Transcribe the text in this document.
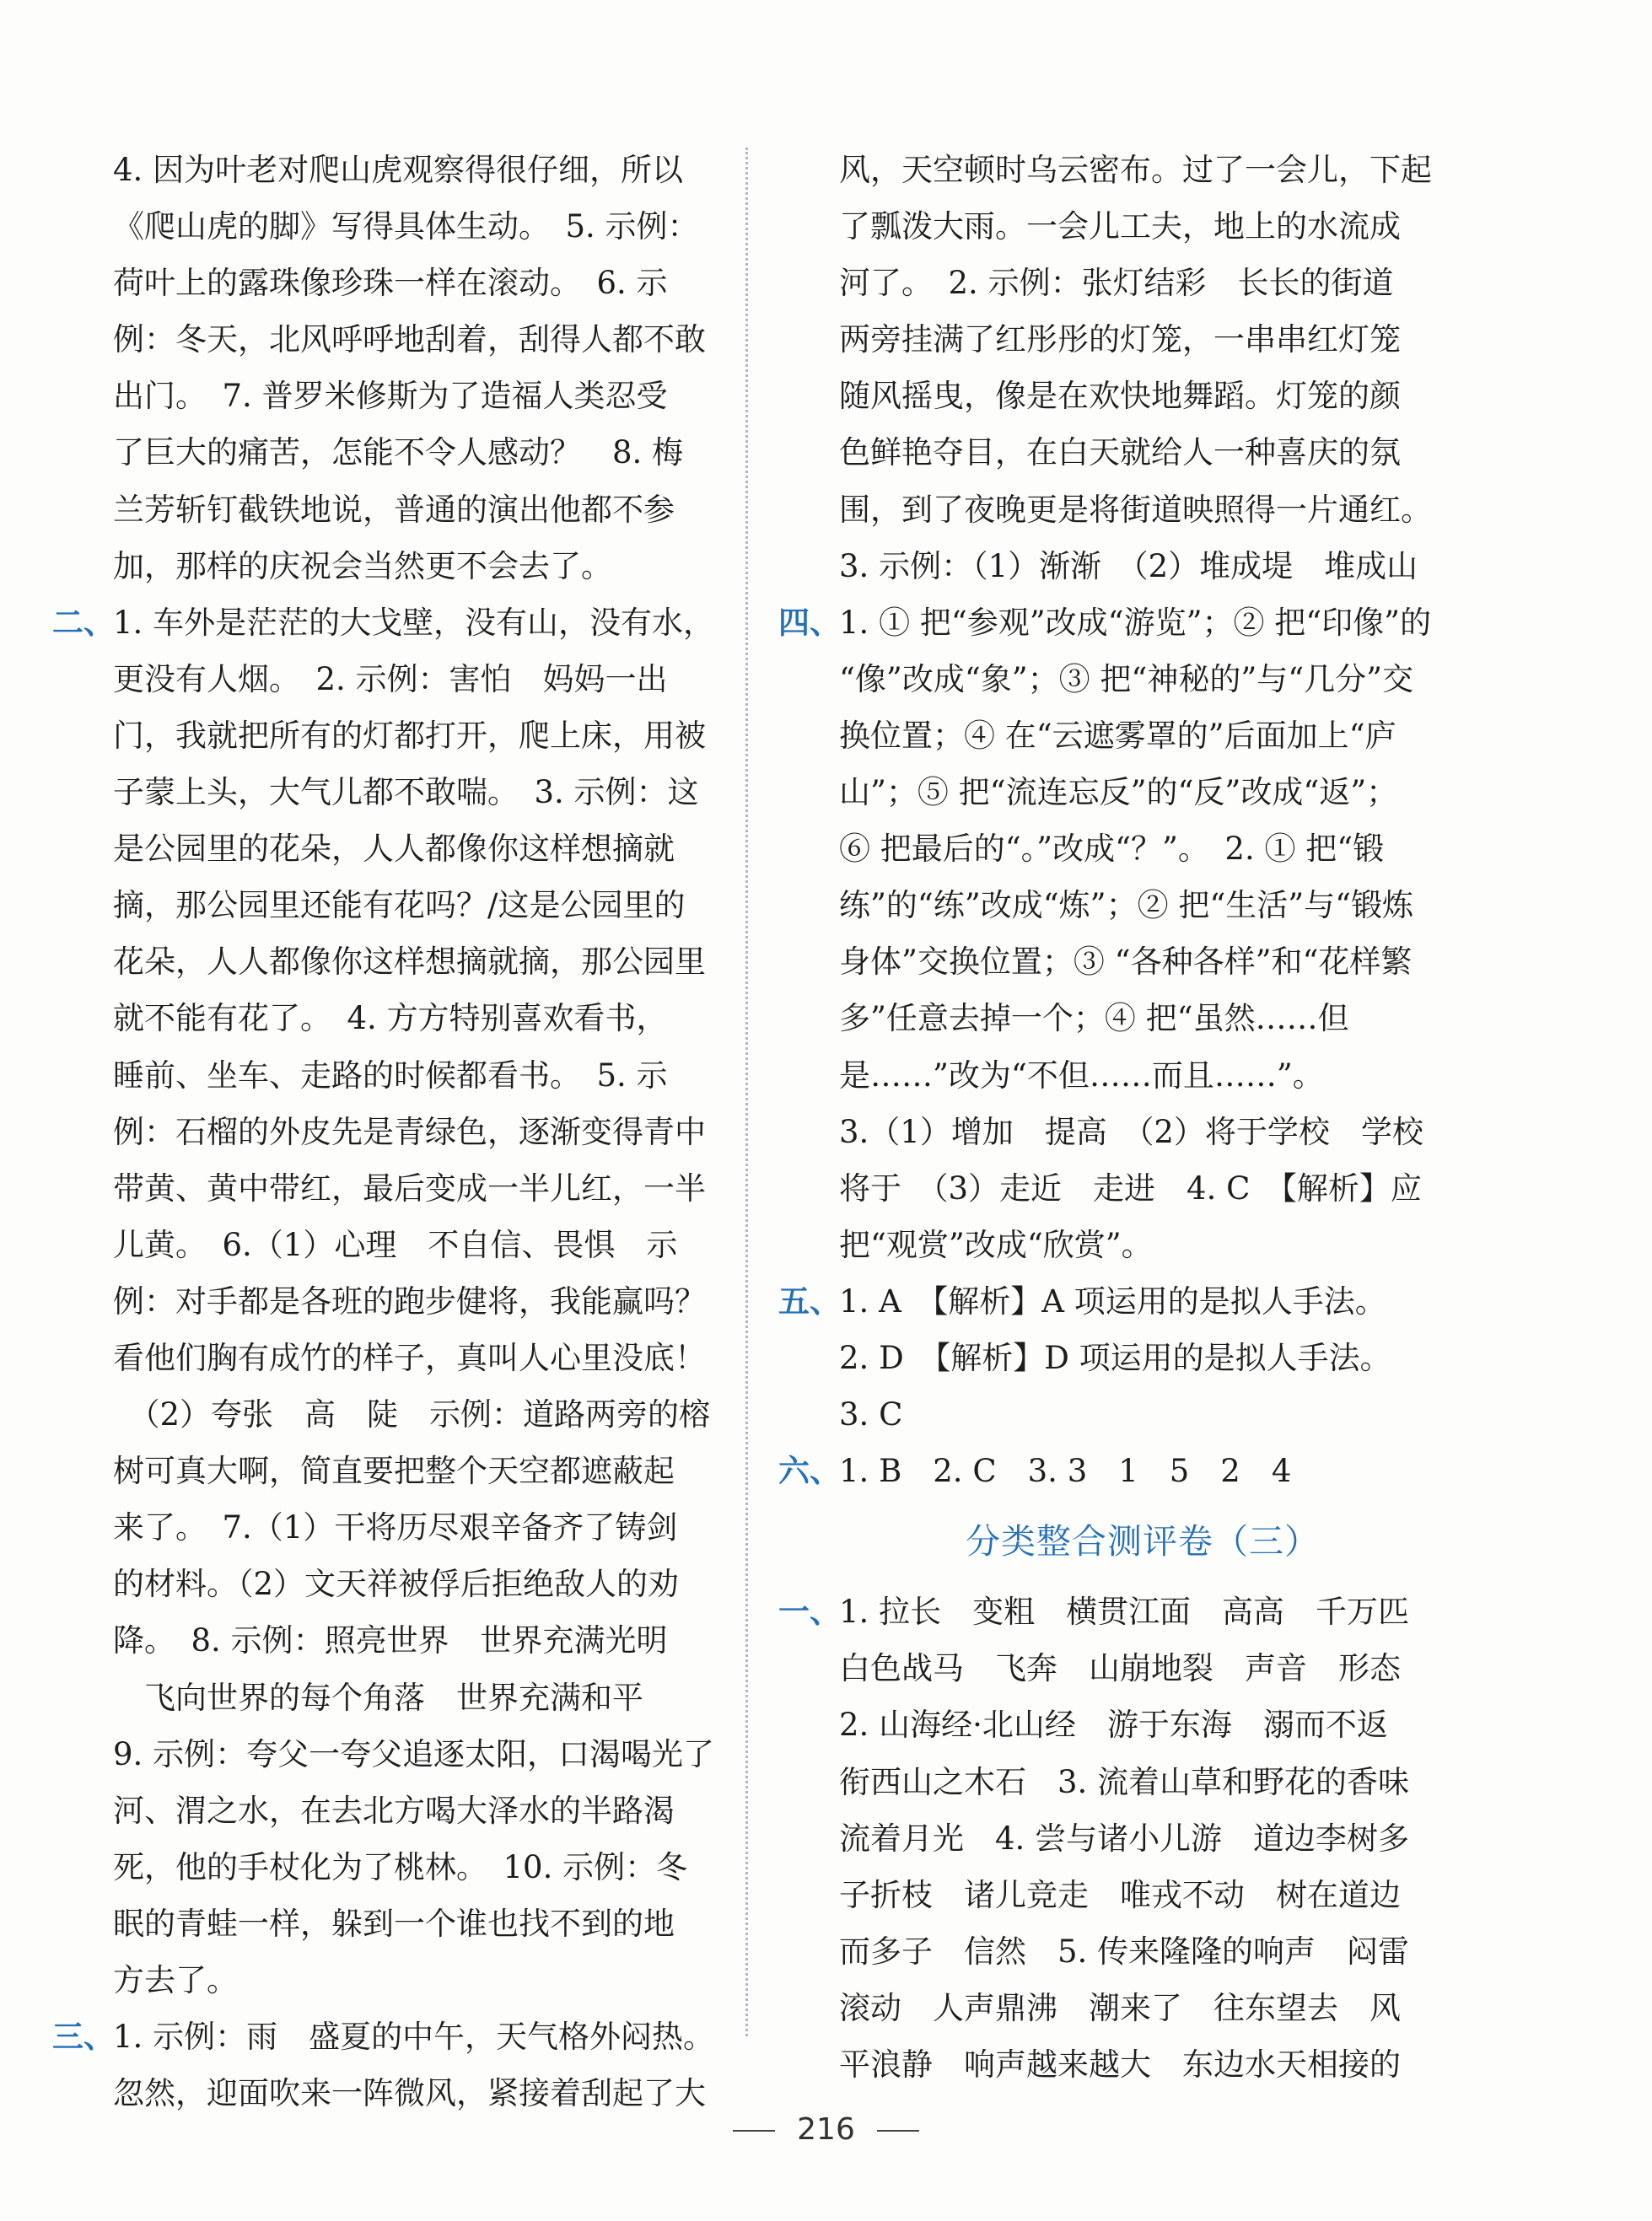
4. 因为叶老对爬山虎观察得很仔细，所以
《爬山虎的脚》写得具体生动。　5. 示例：
荷叶上的露珠像珍珠一样在滚动。　6. 示
例：冬天，北风呼呼地刮着，刮得人都不敢
出门。　7. 普罗米修斯为了造福人类忍受
了巨大的痛苦，怎能不令人感动？　8. 梅
兰芳斩钉截铁地说，普通的演出他都不参
加，那样的庆祝会当然更不会去了。
二、
1. 车外是茫茫的大戈壁，没有山，没有水，
更没有人烟。　2. 示例：害怕　妈妈一出
门，我就把所有的灯都打开，爬上床，用被
子蒙上头，大气儿都不敢喘。　3. 示例：这
是公园里的花朵，人人都像你这样想摘就
摘，那公园里还能有花吗？/这是公园里的
花朵，人人都像你这样想摘就摘，那公园里
就不能有花了。　4. 方方特别喜欢看书，
睡前、坐车、走路的时候都看书。　5. 示
例：石榴的外皮先是青绿色，逐渐变得青中
带黄、黄中带红，最后变成一半儿红，一半
儿黄。　6.（1）心理　不自信、畏惧　示
例：对手都是各班的跑步健将，我能赢吗？
看他们胸有成竹的样子，真叫人心里没底！
　（2）夸张　高　陡　示例：道路两旁的榕
树可真大啊，简直要把整个天空都遮蔽起
来了。　7.（1）干将历尽艰辛备齐了铸剑
的材料。（2）文天祥被俘后拒绝敌人的劝
降。　8. 示例：照亮世界　世界充满光明
　飞向世界的每个角落　世界充满和平
9. 示例：夸父一夸父追逐太阳，口渴喝光了
河、渭之水，在去北方喝大泽水的半路渴
死，他的手杖化为了桃林。　10. 示例：冬
眠的青蛙一样，躲到一个谁也找不到的地
方去了。
三、
1. 示例：雨　盛夏的中午，天气格外闷热。
忽然，迎面吹来一阵微风，紧接着刮起了大
风，天空顿时乌云密布。过了一会儿，下起
了瓢泼大雨。一会儿工夫，地上的水流成
河了。　2. 示例：张灯结彩　长长的街道
两旁挂满了红彤彤的灯笼，一串串红灯笼
随风摇曳，像是在欢快地舞蹈。灯笼的颜
色鲜艳夺目，在白天就给人一种喜庆的氛
围，到了夜晚更是将街道映照得一片通红。
3. 示例：（1）渐渐　（2）堆成堤　堆成山
四、
1. ① 把“参观”改成“游览”；② 把“印像”的
“像”改成“象”；③ 把“神秘的”与“几分”交
换位置；④ 在“云遮雾罩的”后面加上“庐
山”；⑤ 把“流连忘反”的“反”改成“返”；
⑥ 把最后的“。”改成“？”。　2. ① 把“锻
练”的“练”改成“炼”；② 把“生活”与“锻炼
身体”交换位置；③ “各种各样”和“花样繁
多”任意去掉一个；④ 把“虽然……但
是……”改为“不但……而且……”。
3.（1）增加　提高　（2）将于学校　学校
将于　（3）走近　走进　4. C　【解析】应
把“观赏”改成“欣赏”。
五、
1. A　【解析】A 项运用的是拟人手法。
2. D　【解析】D 项运用的是拟人手法。
3. C
六、
1. B　2. C　3. 3　1　5　2　4
分类整合测评卷（三）
一、
1. 拉长　变粗　横贯江面　高高　千万匹
白色战马　飞奔　山崩地裂　声音　形态
2. 山海经·北山经　游于东海　溺而不返
衔西山之木石　3. 流着山草和野花的香味
流着月光　4. 尝与诸小儿游　道边李树多
子折枝　诸儿竞走　唯戎不动　树在道边
而多子　信然　5. 传来隆隆的响声　闷雷
滚动　人声鼎沸　潮来了　往东望去　风
平浪静　响声越来越大　东边水天相接的
216
